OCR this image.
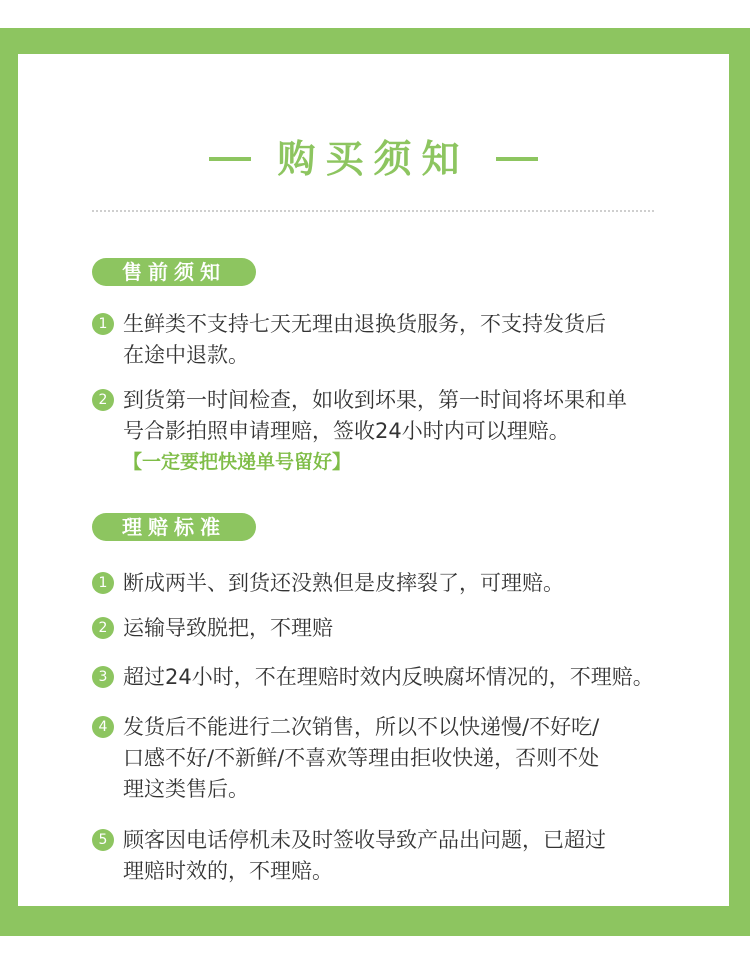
购买须知
售前须知
1 生鲜类不支持七天无理由退换货服务，不支持发货后
在途中退款。
2 到货第一时间检查，如收到坏果，第一时间将坏果和单
号合影拍照申请理赔，签收24小时内可以理赔。
【一定要把快递单号留好】
理赔标准
1 断成两半、到货还没熟但是皮摔裂了，可理赔。
2 运输导致脱把，不理赔
3 超过24小时，不在理赔时效内反映腐坏情况的，不理赔。
4 发货后不能进行二次销售，所以不以快递慢/不好吃/
口感不好/不新鲜/不喜欢等理由拒收快递，否则不处
理这类售后。
5 顾客因电话停机未及时签收导致产品出问题，已超过
理赔时效的，不理赔。
